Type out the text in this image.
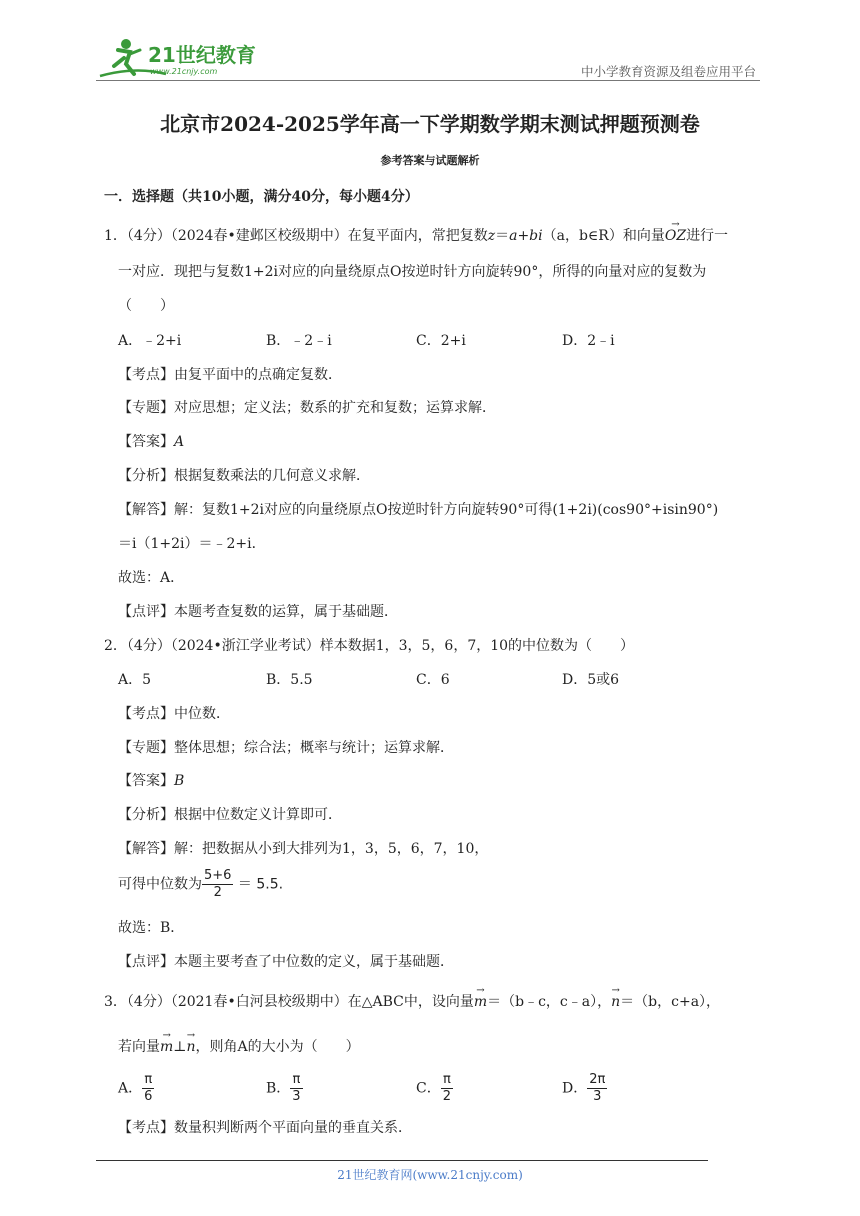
21世纪教育
www.21cnjy.com	中小学教育资源及组卷应用平台
北京市2024-2025学年高一下学期数学期末测试押题预测卷
参考答案与试题解析
一．选择题（共10小题，满分40分，每小题4分）
1．（4分）（2024春•建邺区校级期中）在复平面内，常把复数z＝a+bi（a，b∈R）和向量→ OZ进行一
一对应．现把与复数1+2i对应的向量绕原点O按逆时针方向旋转90°，所得的向量对应的复数为
（　　）
A．﹣2+i	B．﹣2﹣i	C．2+i	D．2﹣i
【考点】由复平面中的点确定复数．
【专题】对应思想；定义法；数系的扩充和复数；运算求解．
【答案】A
【分析】根据复数乘法的几何意义求解．
【解答】解：复数1+2i对应的向量绕原点O按逆时针方向旋转90°可得(1+2i)(cos90°+isin90°)
＝i（1+2i）＝﹣2+i．
故选：A．
【点评】本题考查复数的运算，属于基础题．
2．（4分）（2024•浙江学业考试）样本数据1，3，5，6，7，10的中位数为（　　）
A．5	B．5.5	C．6	D．5或6
【考点】中位数．
【专题】整体思想；综合法；概率与统计；运算求解．
【答案】B
【分析】根据中位数定义计算即可．
【解答】解：把数据从小到大排列为1，3，5，6，7，10，
可得中位数为 $\frac{5+6}{2} = 5.5$.
故选：B．
【点评】本题主要考查了中位数的定义，属于基础题．
3．（4分）（2021春•白河县校级期中）在△ABC中，设向量→ m＝（b﹣c，c﹣a），→ n＝（b，c+a），
若向量→ m⊥→ n，则角A的大小为（　　）
A． $\frac{\pi}{6}$	B． $\frac{\pi}{3}$	C． $\frac{\pi}{2}$	D． $\frac{2\pi}{3}$
【考点】数量积判断两个平面向量的垂直关系．
21世纪教育网(www.21cnjy.com)
